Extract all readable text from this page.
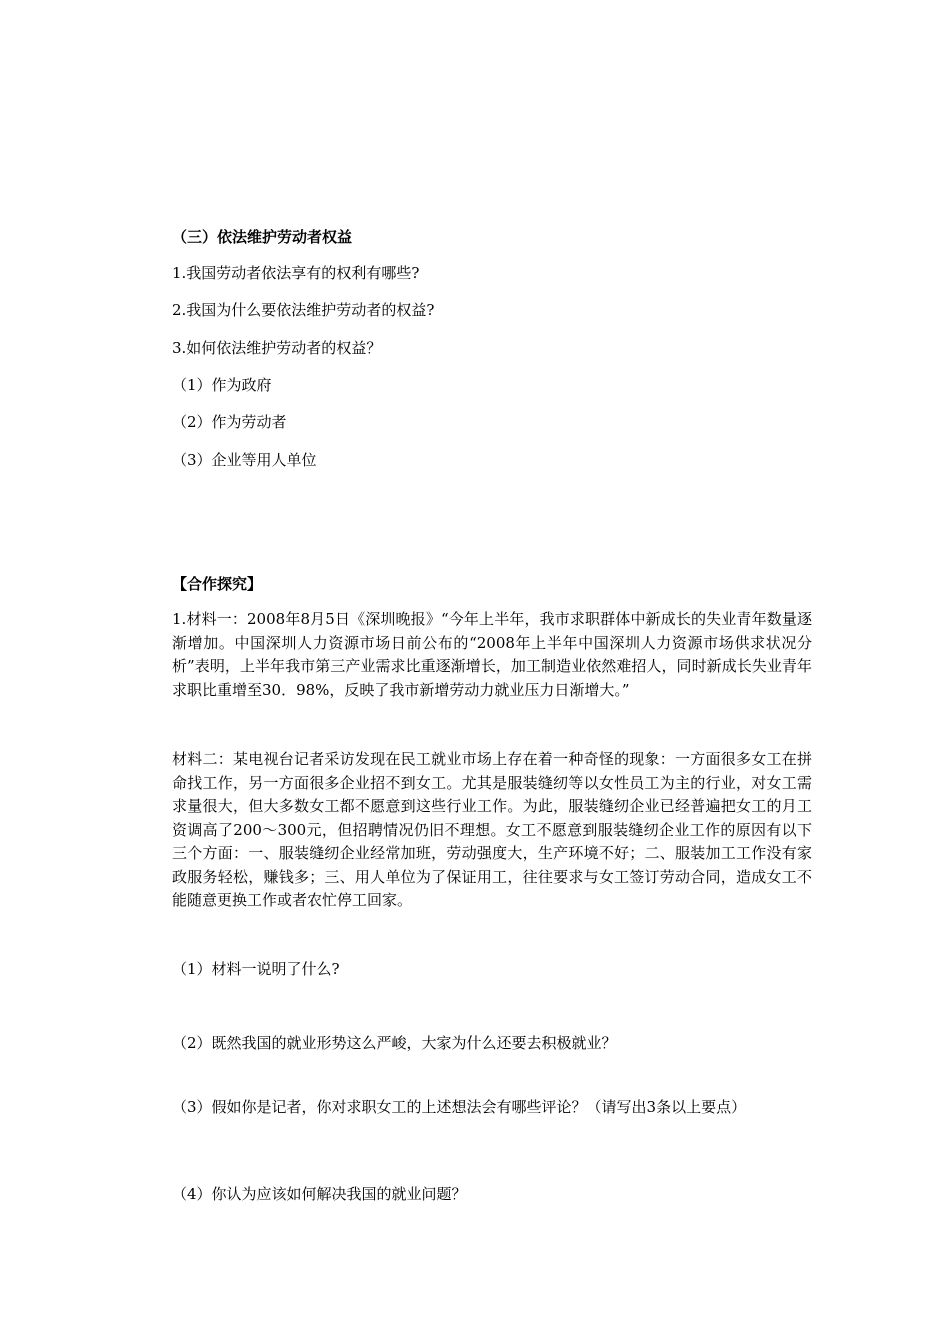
（三）依法维护劳动者权益
1.我国劳动者依法享有的权利有哪些?
2.我国为什么要依法维护劳动者的权益?
3.如何依法维护劳动者的权益？
（1）作为政府
（2）作为劳动者
（3）企业等用人单位
【合作探究】
1.材料一：2008年8月5日《深圳晚报》“今年上半年，我市求职群体中新成长的失业青年数量逐渐增加。中国深圳人力资源市场日前公布的“2008年上半年中国深圳人力资源市场供求状况分析”表明，上半年我市第三产业需求比重逐渐增长，加工制造业依然难招人，同时新成长失业青年求职比重增至30．98%，反映了我市新增劳动力就业压力日渐增大。”
材料二：某电视台记者采访发现在民工就业市场上存在着一种奇怪的现象：一方面很多女工在拼命找工作，另一方面很多企业招不到女工。尤其是服装缝纫等以女性员工为主的行业，对女工需求量很大，但大多数女工都不愿意到这些行业工作。为此，服装缝纫企业已经普遍把女工的月工资调高了200～300元，但招聘情况仍旧不理想。女工不愿意到服装缝纫企业工作的原因有以下三个方面：一、服装缝纫企业经常加班，劳动强度大，生产环境不好；二、服装加工工作没有家政服务轻松，赚钱多；三、用人单位为了保证用工，往往要求与女工签订劳动合同，造成女工不能随意更换工作或者农忙停工回家。
（1）材料一说明了什么?
（2）既然我国的就业形势这么严峻，大家为什么还要去积极就业？
（3）假如你是记者，你对求职女工的上述想法会有哪些评论？（请写出3条以上要点）
（4）你认为应该如何解决我国的就业问题？
